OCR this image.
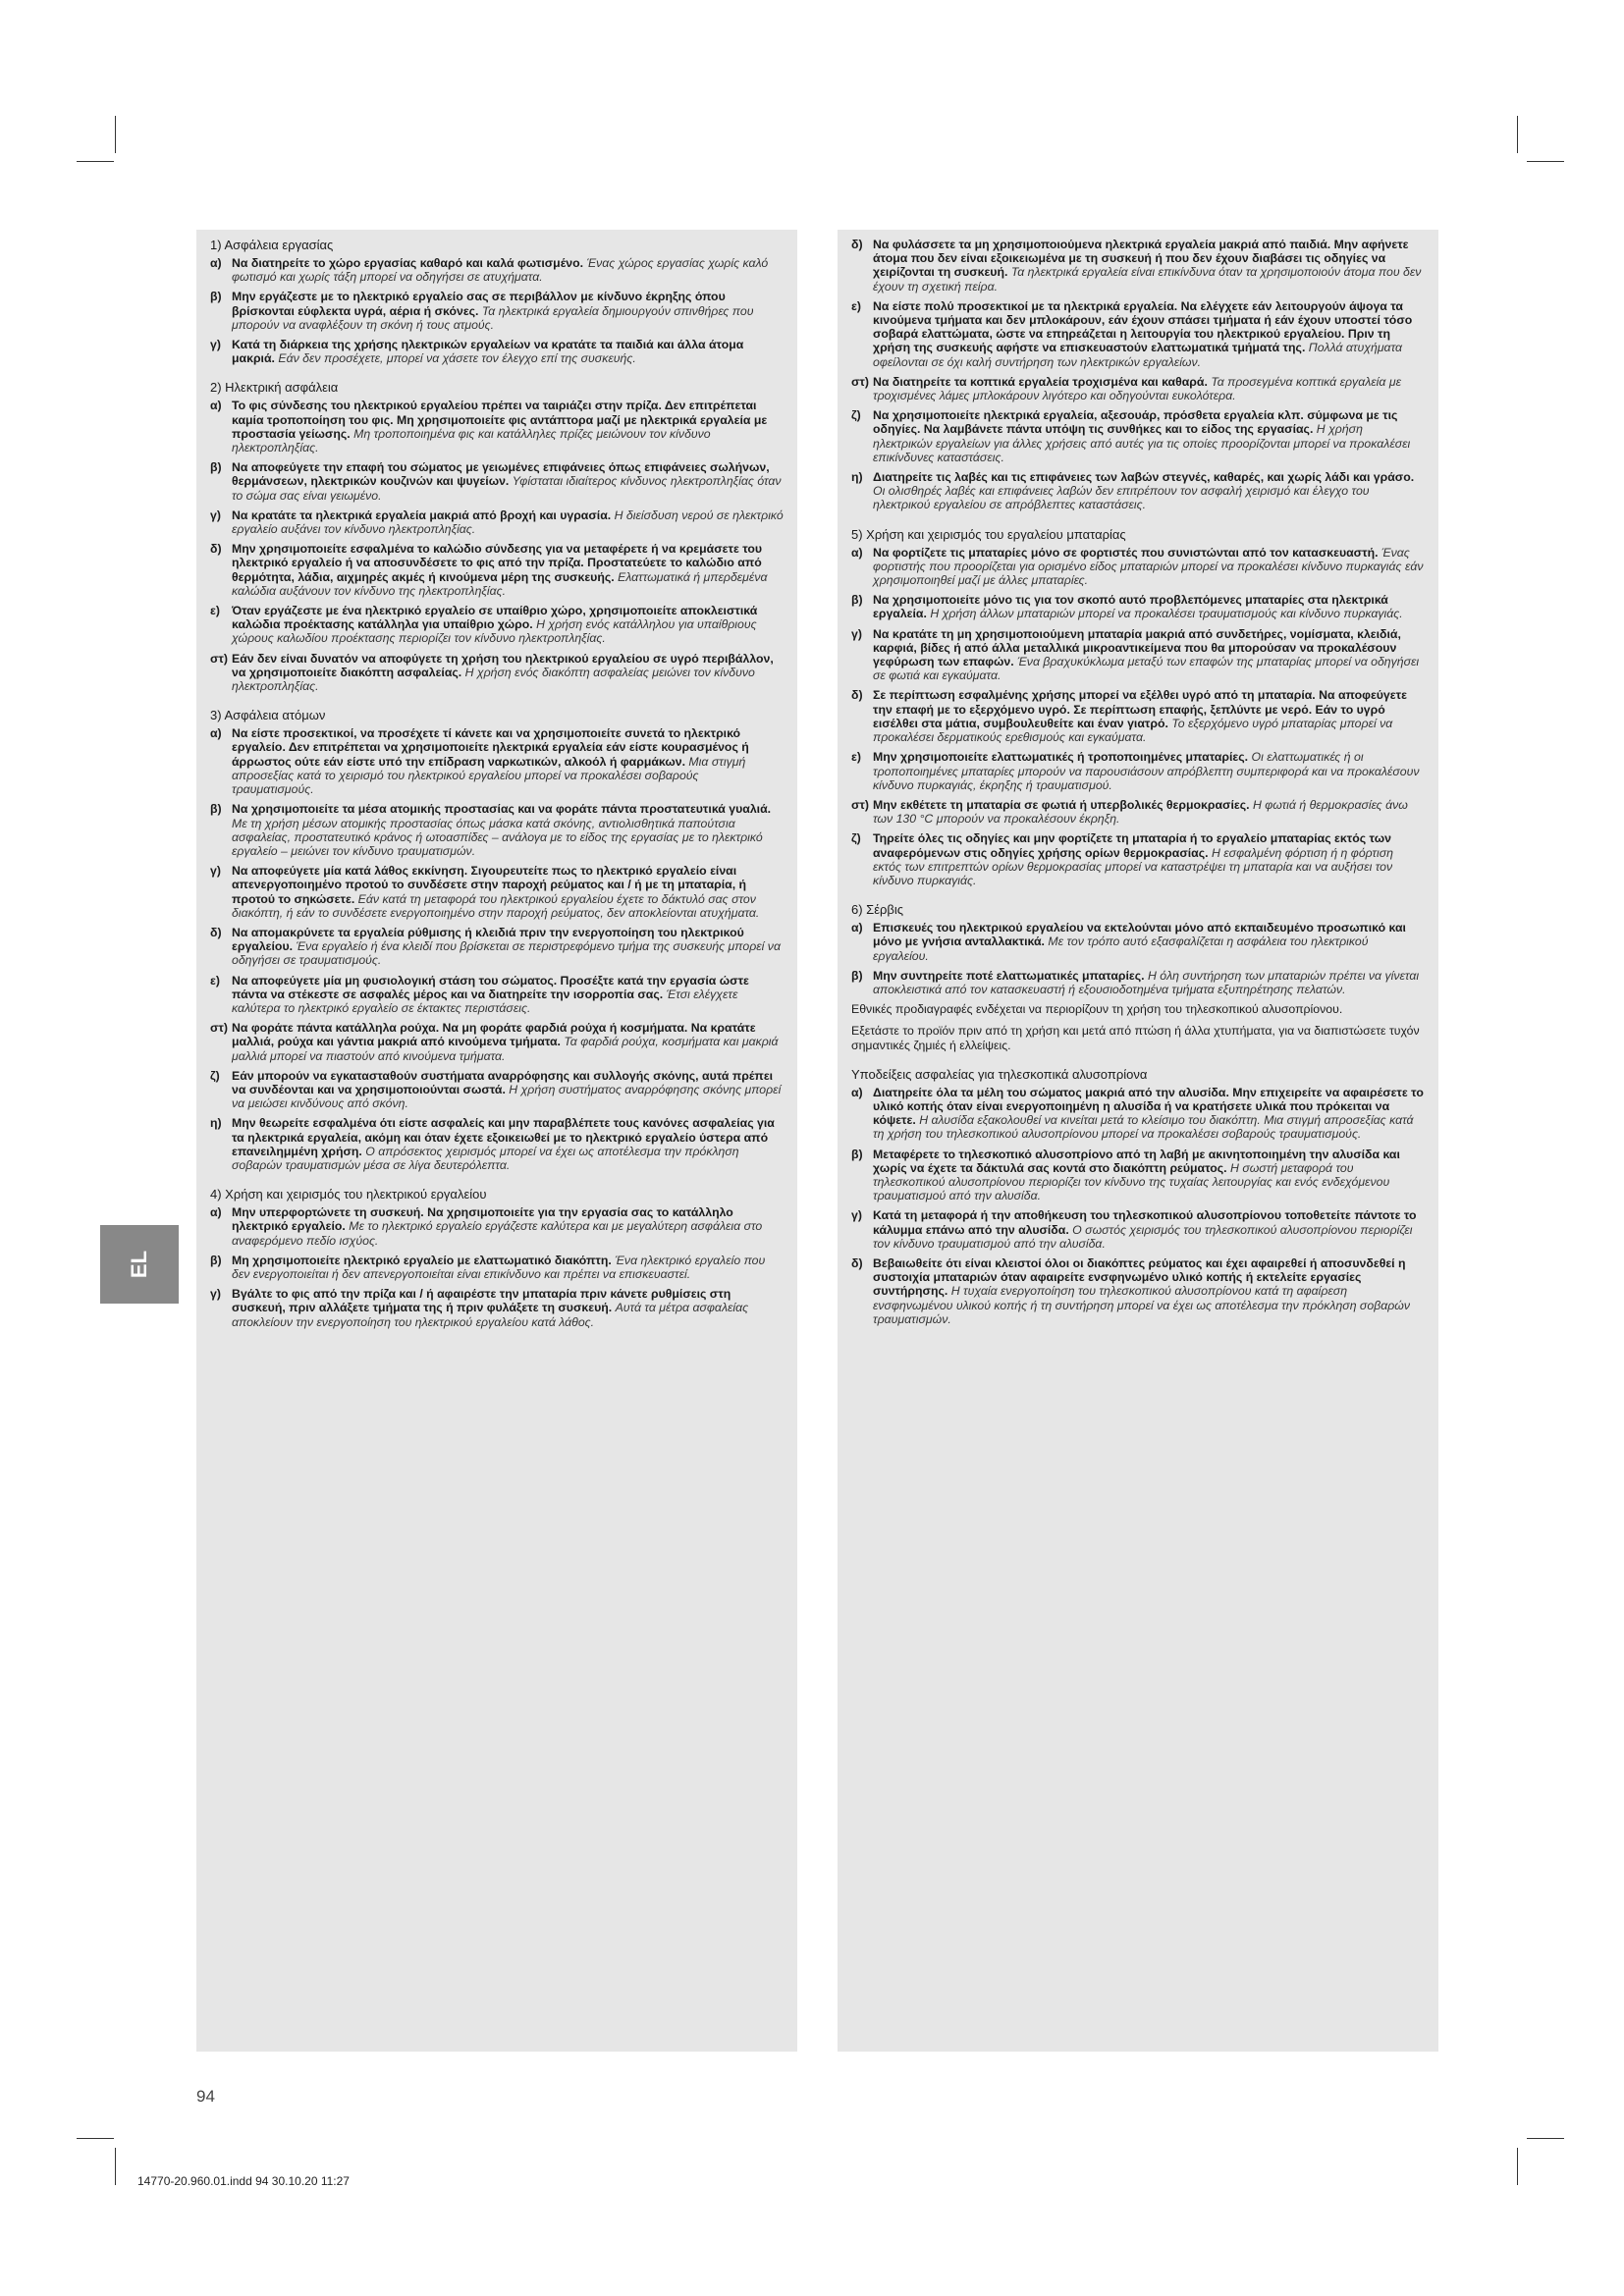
1) Ασφάλεια εργασίας
α) Να διατηρείτε το χώρο εργασίας καθαρό και καλά φωτισμένο. Ένας χώρος εργασίας χωρίς καλό φωτισμό και χωρίς τάξη μπορεί να οδηγήσει σε ατυχήματα.
β) Μην εργάζεστε με το ηλεκτρικό εργαλείο σας σε περιβάλλον με κίνδυνο έκρηξης όπου βρίσκονται εύφλεκτα υγρά, αέρια ή σκόνες. Τα ηλεκτρικά εργαλεία δημιουργούν σπινθήρες που μπορούν να αναφλέξουν τη σκόνη ή τους ατμούς.
γ) Κατά τη διάρκεια της χρήσης ηλεκτρικών εργαλείων να κρατάτε τα παιδιά και άλλα άτομα μακριά. Εάν δεν προσέχετε, μπορεί να χάσετε τον έλεγχο επί της συσκευής.
2) Ηλεκτρική ασφάλεια
α) Το φις σύνδεσης του ηλεκτρικού εργαλείου πρέπει να ταιριάζει στην πρίζα. Δεν επιτρέπεται καμία τροποποίηση του φις. Μη χρησιμοποιείτε φις αντάπτορα μαζί με ηλεκτρικά εργαλεία με προστασία γείωσης. Μη τροποποιημένα φις και κατάλληλες πρίζες μειώνουν τον κίνδυνο ηλεκτροπληξίας.
β) Να αποφεύγετε την επαφή του σώματος με γειωμένες επιφάνειες όπως επιφάνειες σωλήνων, θερμάνσεων, ηλεκτρικών κουζινών και ψυγείων. Υφίσταται ιδιαίτερος κίνδυνος ηλεκτροπληξίας όταν το σώμα σας είναι γειωμένο.
γ) Να κρατάτε τα ηλεκτρικά εργαλεία μακριά από βροχή και υγρασία. Η διείσδυση νερού σε ηλεκτρικό εργαλείο αυξάνει τον κίνδυνο ηλεκτροπληξίας.
δ) Μην χρησιμοποιείτε εσφαλμένα το καλώδιο σύνδεσης για να μεταφέρετε ή να κρεμάσετε του ηλεκτρικό εργαλείο ή να αποσυνδέσετε το φις από την πρίζα. Προστατεύετε το καλώδιο από θερμότητα, λάδια, αιχμηρές ακμές ή κινούμενα μέρη της συσκευής. Ελαττωματικά ή μπερδεμένα καλώδια αυξάνουν τον κίνδυνο της ηλεκτροπληξίας.
ε) Όταν εργάζεστε με ένα ηλεκτρικό εργαλείο σε υπαίθριο χώρο, χρησιμοποιείτε αποκλειστικά καλώδια προέκτασης κατάλληλα για υπαίθριο χώρο. Η χρήση ενός κατάλληλου για υπαίθριους χώρους καλωδίου προέκτασης περιορίζει τον κίνδυνο ηλεκτροπληξίας.
στ) Εάν δεν είναι δυνατόν να αποφύγετε τη χρήση του ηλεκτρικού εργαλείου σε υγρό περιβάλλον, να χρησιμοποιείτε διακόπτη ασφαλείας. Η χρήση ενός διακόπτη ασφαλείας μειώνει τον κίνδυνο ηλεκτροπληξίας.
3) Ασφάλεια ατόμων
α) Να είστε προσεκτικοί, να προσέχετε τί κάνετε και να χρησιμοποιείτε συνετά το ηλεκτρικό εργαλείο. Δεν επιτρέπεται να χρησιμοποιείτε ηλεκτρικά εργαλεία εάν είστε κουρασμένος ή άρρωστος ούτε εάν είστε υπό την επίδραση ναρκωτικών, αλκοόλ ή φαρμάκων. Μια στιγμή απροσεξίας κατά το χειρισμό του ηλεκτρικού εργαλείου μπορεί να προκαλέσει σοβαρούς τραυματισμούς.
β) Να χρησιμοποιείτε τα μέσα ατομικής προστασίας και να φοράτε πάντα προστατευτικά γυαλιά. Με τη χρήση μέσων ατομικής προστασίας όπως μάσκα κατά σκόνης, αντιολισθητικά παπούτσια ασφαλείας, προστατευτικό κράνος ή ωτοασπίδες – ανάλογα με το είδος της εργασίας με το ηλεκτρικό εργαλείο – μειώνει τον κίνδυνο τραυματισμών.
γ) Να αποφεύγετε μία κατά λάθος εκκίνηση. Σιγουρευτείτε πως το ηλεκτρικό εργαλείο είναι απενεργοποιημένο προτού το συνδέσετε στην παροχή ρεύματος και / ή με τη μπαταρία, ή προτού το σηκώσετε. Εάν κατά τη μεταφορά του ηλεκτρικού εργαλείου έχετε το δάκτυλό σας στον διακόπτη, ή εάν το συνδέσετε ενεργοποιημένο στην παροχή ρεύματος, δεν αποκλείονται ατυχήματα.
δ) Να απομακρύνετε τα εργαλεία ρύθμισης ή κλειδιά πριν την ενεργοποίηση του ηλεκτρικού εργαλείου. Ένα εργαλείο ή ένα κλειδί που βρίσκεται σε περιστρεφόμενο τμήμα της συσκευής μπορεί να οδηγήσει σε τραυματισμούς.
ε) Να αποφεύγετε μία μη φυσιολογική στάση του σώματος. Προσέξτε κατά την εργασία ώστε πάντα να στέκεστε σε ασφαλές μέρος και να διατηρείτε την ισορροπία σας. Έτσι ελέγχετε καλύτερα το ηλεκτρικό εργαλείο σε έκτακτες περιστάσεις.
στ) Να φοράτε πάντα κατάλληλα ρούχα. Να μη φοράτε φαρδιά ρούχα ή κοσμήματα. Να κρατάτε μαλλιά, ρούχα και γάντια μακριά από κινούμενα τμήματα. Τα φαρδιά ρούχα, κοσμήματα και μακριά μαλλιά μπορεί να πιαστούν από κινούμενα τμήματα.
ζ) Εάν μπορούν να εγκατασταθούν συστήματα αναρρόφησης και συλλογής σκόνης, αυτά πρέπει να συνδέονται και να χρησιμοποιούνται σωστά. Η χρήση συστήματος αναρρόφησης σκόνης μπορεί να μειώσει κινδύνους από σκόνη.
η) Μην θεωρείτε εσφαλμένα ότι είστε ασφαλείς και μην παραβλέπετε τους κανόνες ασφαλείας για τα ηλεκτρικά εργαλεία, ακόμη και όταν έχετε εξοικειωθεί με το ηλεκτρικό εργαλείο ύστερα από επανειλημμένη χρήση. Ο απρόσεκτος χειρισμός μπορεί να έχει ως αποτέλεσμα την πρόκληση σοβαρών τραυματισμών μέσα σε λίγα δευτερόλεπτα.
4) Χρήση και χειρισμός του ηλεκτρικού εργαλείου
α) Μην υπερφορτώνετε τη συσκευή. Να χρησιμοποιείτε για την εργασία σας το κατάλληλο ηλεκτρικό εργαλείο. Με το ηλεκτρικό εργαλείο εργάζεστε καλύτερα και με μεγαλύτερη ασφάλεια στο αναφερόμενο πεδίο ισχύος.
β) Μη χρησιμοποιείτε ηλεκτρικό εργαλείο με ελαττωματικό διακόπτη. Ένα ηλεκτρικό εργαλείο που δεν ενεργοποιείται ή δεν απενεργοποιείται είναι επικίνδυνο και πρέπει να επισκευαστεί.
γ) Βγάλτε το φις από την πρίζα και / ή αφαιρέστε την μπαταρία πριν κάνετε ρυθμίσεις στη συσκευή, πριν αλλάξετε τμήματα της ή πριν φυλάξετε τη συσκευή. Αυτά τα μέτρα ασφαλείας αποκλείουν την ενεργοποίηση του ηλεκτρικού εργαλείου κατά λάθος.
δ) Να φυλάσσετε τα μη χρησιμοποιούμενα ηλεκτρικά εργαλεία μακριά από παιδιά. Μην αφήνετε άτομα που δεν είναι εξοικειωμένα με τη συσκευή ή που δεν έχουν διαβάσει τις οδηγίες να χειρίζονται τη συσκευή. Τα ηλεκτρικά εργαλεία είναι επικίνδυνα όταν τα χρησιμοποιούν άτομα που δεν έχουν τη σχετική πείρα.
ε) Να είστε πολύ προσεκτικοί με τα ηλεκτρικά εργαλεία. Να ελέγχετε εάν λειτουργούν άψογα τα κινούμενα τμήματα και δεν μπλοκάρουν, εάν έχουν σπάσει τμήματα ή εάν έχουν υποστεί τόσο σοβαρά ελαττώματα, ώστε να επηρεάζεται η λειτουργία του ηλεκτρικού εργαλείου. Πριν τη χρήση της συσκευής αφήστε να επισκευαστούν ελαττωματικά τμήματά της. Πολλά ατυχήματα οφείλονται σε όχι καλή συντήρηση των ηλεκτρικών εργαλείων.
στ) Να διατηρείτε τα κοπτικά εργαλεία τροχισμένα και καθαρά. Τα προσεγμένα κοπτικά εργαλεία με τροχισμένες λάμες μπλοκάρουν λιγότερο και οδηγούνται ευκολότερα.
ζ) Να χρησιμοποιείτε ηλεκτρικά εργαλεία, αξεσουάρ, πρόσθετα εργαλεία κλπ. σύμφωνα με τις οδηγίες. Να λαμβάνετε πάντα υπόψη τις συνθήκες και το είδος της εργασίας. Η χρήση ηλεκτρικών εργαλείων για άλλες χρήσεις από αυτές για τις οποίες προορίζονται μπορεί να προκαλέσει επικίνδυνες καταστάσεις.
η) Διατηρείτε τις λαβές και τις επιφάνειες των λαβών στεγνές, καθαρές, και χωρίς λάδι και γράσο. Οι ολισθηρές λαβές και επιφάνειες λαβών δεν επιτρέπουν τον ασφαλή χειρισμό και έλεγχο του ηλεκτρικού εργαλείου σε απρόβλεπτες καταστάσεις.
5) Χρήση και χειρισμός του εργαλείου μπαταρίας
α) Να φορτίζετε τις μπαταρίες μόνο σε φορτιστές που συνιστώνται από τον κατασκευαστή. Ένας φορτιστής που προορίζεται για ορισμένο είδος μπαταριών μπορεί να προκαλέσει κίνδυνο πυρκαγιάς εάν χρησιμοποιηθεί μαζί με άλλες μπαταρίες.
β) Να χρησιμοποιείτε μόνο τις για τον σκοπό αυτό προβλεπόμενες μπαταρίες στα ηλεκτρικά εργαλεία. Η χρήση άλλων μπαταριών μπορεί να προκαλέσει τραυματισμούς και κίνδυνο πυρκαγιάς.
γ) Να κρατάτε τη μη χρησιμοποιούμενη μπαταρία μακριά από συνδετήρες, νομίσματα, κλειδιά, καρφιά, βίδες ή από άλλα μεταλλικά μικροαντικείμενα που θα μπορούσαν να προκαλέσουν γεφύρωση των επαφών. Ένα βραχυκύκλωμα μεταξύ των επαφών της μπαταρίας μπορεί να οδηγήσει σε φωτιά και εγκαύματα.
δ) Σε περίπτωση εσφαλμένης χρήσης μπορεί να εξέλθει υγρό από τη μπαταρία. Να αποφεύγετε την επαφή με το εξερχόμενο υγρό. Σε περίπτωση επαφής, ξεπλύντε με νερό. Εάν το υγρό εισέλθει στα μάτια, συμβουλευθείτε και έναν γιατρό. Το εξερχόμενο υγρό μπαταρίας μπορεί να προκαλέσει δερματικούς ερεθισμούς και εγκαύματα.
ε) Μην χρησιμοποιείτε ελαττωματικές ή τροποποιημένες μπαταρίες. Οι ελαττωματικές ή οι τροποποιημένες μπαταρίες μπορούν να παρουσιάσουν απρόβλεπτη συμπεριφορά και να προκαλέσουν κίνδυνο πυρκαγιάς, έκρηξης ή τραυματισμού.
στ) Μην εκθέτετε τη μπαταρία σε φωτιά ή υπερβολικές θερμοκρασίες. Η φωτιά ή θερμοκρασίες άνω των 130 °C μπορούν να προκαλέσουν έκρηξη.
ζ) Τηρείτε όλες τις οδηγίες και μην φορτίζετε τη μπαταρία ή το εργαλείο μπαταρίας εκτός των αναφερόμενων στις οδηγίες χρήσης ορίων θερμοκρασίας. Η εσφαλμένη φόρτιση ή η φόρτιση εκτός των επιτρεπτών ορίων θερμοκρασίας μπορεί να καταστρέψει τη μπαταρία και να αυξήσει τον κίνδυνο πυρκαγιάς.
6) Σέρβις
α) Επισκευές του ηλεκτρικού εργαλείου να εκτελούνται μόνο από εκπαιδευμένο προσωπικό και μόνο με γνήσια ανταλλακτικά. Με τον τρόπο αυτό εξασφαλίζεται η ασφάλεια του ηλεκτρικού εργαλείου.
β) Μην συντηρείτε ποτέ ελαττωματικές μπαταρίες. Η όλη συντήρηση των μπαταριών πρέπει να γίνεται αποκλειστικά από τον κατασκευαστή ή εξουσιοδοτημένα τμήματα εξυπηρέτησης πελατών.
Εθνικές προδιαγραφές ενδέχεται να περιορίζουν τη χρήση του τηλεσκοπικού αλυσοπρίονου.
Εξετάστε το προϊόν πριν από τη χρήση και μετά από πτώση ή άλλα χτυπήματα, για να διαπιστώσετε τυχόν σημαντικές ζημιές ή ελλείψεις.
Υποδείξεις ασφαλείας για τηλεσκοπικά αλυσοπρίονα
α) Διατηρείτε όλα τα μέλη του σώματος μακριά από την αλυσίδα. Μην επιχειρείτε να αφαιρέσετε το υλικό κοπής όταν είναι ενεργοποιημένη η αλυσίδα ή να κρατήσετε υλικά που πρόκειται να κόψετε. Η αλυσίδα εξακολουθεί να κινείται μετά το κλείσιμο του διακόπτη. Μια στιγμή απροσεξίας κατά τη χρήση του τηλεσκοπικού αλυσοπρίονου μπορεί να προκαλέσει σοβαρούς τραυματισμούς.
β) Μεταφέρετε το τηλεσκοπικό αλυσοπρίονο από τη λαβή με ακινητοποιημένη την αλυσίδα και χωρίς να έχετε τα δάκτυλά σας κοντά στο διακόπτη ρεύματος. Η σωστή μεταφορά του τηλεσκοπικού αλυσοπρίονου περιορίζει τον κίνδυνο της τυχαίας λειτουργίας και ενός ενδεχόμενου τραυματισμού από την αλυσίδα.
γ) Κατά τη μεταφορά ή την αποθήκευση του τηλεσκοπικού αλυσοπρίονου τοποθετείτε πάντοτε το κάλυμμα επάνω από την αλυσίδα. Ο σωστός χειρισμός του τηλεσκοπικού αλυσοπρίονου περιορίζει τον κίνδυνο τραυματισμού από την αλυσίδα.
δ) Βεβαιωθείτε ότι είναι κλειστοί όλοι οι διακόπτες ρεύματος και έχει αφαιρεθεί ή αποσυνδεθεί η συστοιχία μπαταριών όταν αφαιρείτε ενσφηνωμένο υλικό κοπής ή εκτελείτε εργασίες συντήρησης. Η τυχαία ενεργοποίηση του τηλεσκοπικού αλυσοπρίονου κατά τη αφαίρεση ενσφηνωμένου υλικού κοπής ή τη συντήρηση μπορεί να έχει ως αποτέλεσμα την πρόκληση σοβαρών τραυματισμών.
EL
94
14770-20.960.01.indd 94 30.10.20 11:27
